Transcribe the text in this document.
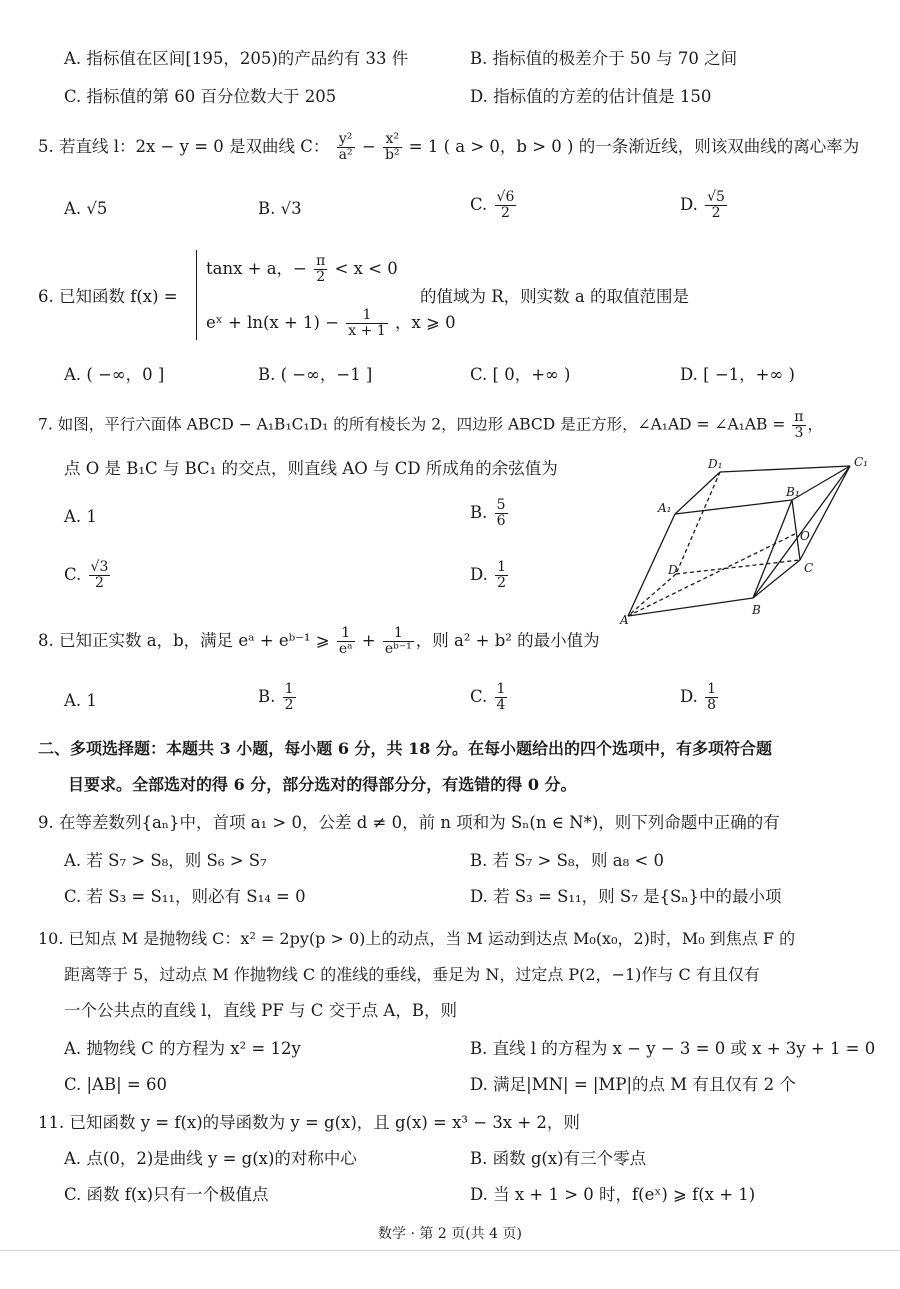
A. 指标值在区间[195，205)的产品约有 33 件	B. 指标值的极差介于 50 与 70 之间
C. 指标值的第 60 百分位数大于 205	D. 指标值的方差的估计值是 150
5. 若直线 l：2x − y = 0 是双曲线 C： $\frac{\text{y²}}{\text{a²}} - \frac{\text{x²}}{\text{b²}} = 1$ ( a > 0，b > 0 ) 的一条渐近线，则该双曲线的离心率为
A. √5	B. √3	C. $\frac{√6}{2}$	D. $\frac{√5}{2}$
6. 已知函数 f(x) =
tanx + a，− $\frac{\pi}{2} < x < 0$
eˣ + $\ln(x + 1) - \frac{1}{x + 1}$ ，x ⩾ 0
的值域为 R，则实数 a 的取值范围是
A. ( −∞，0 ]	B. ( −∞，−1 ]	C. [ 0，+∞ )	D. [ −1，+∞ )
7. 如图，平行六面体 ABCD − A₁B₁C₁D₁ 的所有棱长为 2，四边形 ABCD 是正方形，∠A₁AD = ∠A₁AB = $\frac{\pi}{3}$ ，
点 O 是 B₁C 与 BC₁ 的交点，则直线 AO 与 CD 所成角的余弦值为
A. 1	B. $\frac{5}{6}$
C. $\frac{√3}{2}$	D. $\frac{1}{2}$
D₁	C₁
A₁
B₁
O
D	C
A
B
8. 已知正实数 a，b，满足 eᵃ + eᵇ⁻¹ ⩾ $\frac{1}{\text{eᵃ}} + \frac{1}{\text{eᵇ⁻¹}}$ ，则 a² + b² 的最小值为
A. 1	B. $\frac{1}{2}$	C. $\frac{1}{4}$	D. $\frac{1}{8}$
二、多项选择题：本题共 3 小题，每小题 6 分，共 18 分。在每小题给出的四个选项中，有多项符合题
目要求。全部选对的得 6 分，部分选对的得部分分，有选错的得 0 分。
9. 在等差数列{aₙ}中，首项 a₁ > 0，公差 d ≠ 0，前 n 项和为 Sₙ(n ∈ N*)，则下列命题中正确的有
A. 若 S₇ > S₈，则 S₆ > S₇	B. 若 S₇ > S₈，则 a₈ < 0
C. 若 S₃ = S₁₁，则必有 S₁₄ = 0	D. 若 S₃ = S₁₁，则 S₇ 是{Sₙ}中的最小项
10. 已知点 M 是抛物线 C：x² = 2py(p > 0)上的动点，当 M 运动到达点 M₀(x₀，2)时，M₀ 到焦点 F 的
距离等于 5，过动点 M 作抛物线 C 的准线的垂线，垂足为 N，过定点 P(2，−1)作与 C 有且仅有
一个公共点的直线 l，直线 PF 与 C 交于点 A，B，则
A. 抛物线 C 的方程为 x² = 12y	B. 直线 l 的方程为 x − y − 3 = 0 或 x + 3y + 1 = 0
C. |AB| = 60	D. 满足|MN| = |MP|的点 M 有且仅有 2 个
11. 已知函数 y = f(x)的导函数为 y = g(x)，且 g(x) = x³ − 3x + 2，则
A. 点(0，2)是曲线 y = g(x)的对称中心	B. 函数 g(x)有三个零点
C. 函数 f(x)只有一个极值点	D. 当 x + 1 > 0 时，f(eˣ) ⩾ f(x + 1)
数学 · 第 2 页(共 4 页)
